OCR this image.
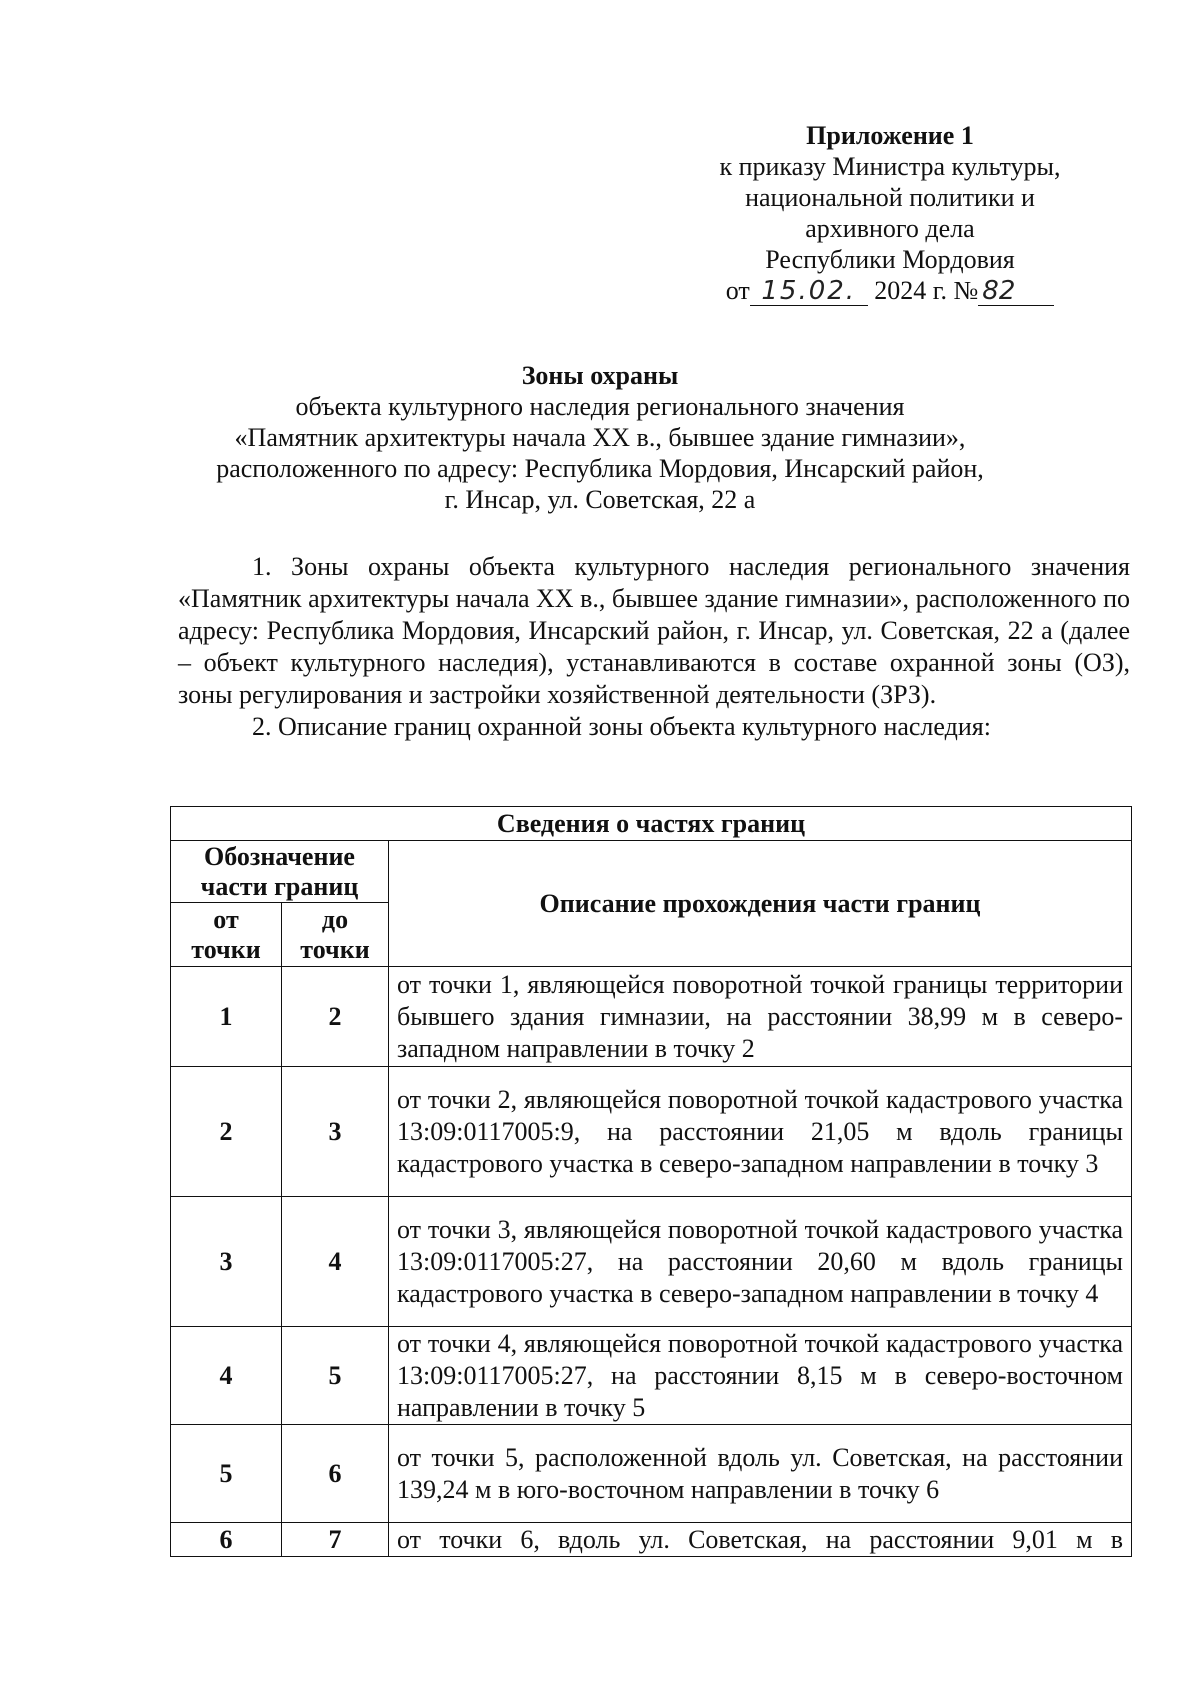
Приложение 1
к приказу Министра культуры,
национальной политики и
архивного дела
Республики Мордовия
от 15.02. 2024 г. № 82
Зоны охраны
объекта культурного наследия регионального значения
«Памятник архитектуры начала XX в., бывшее здание гимназии»,
расположенного по адресу: Республика Мордовия, Инсарский район,
г. Инсар, ул. Советская, 22 а

1. Зоны охраны объекта культурного наследия регионального значения «Памятник архитектуры начала XX в., бывшее здание гимназии», расположенного по адресу: Республика Мордовия, Инсарский район, г. Инсар, ул. Советская, 22 а (далее – объект культурного наследия), устанавливаются в составе охранной зоны (ОЗ), зоны регулирования и застройки хозяйственной деятельности (ЗРЗ).

2. Описание границ охранной зоны объекта культурного наследия:

Сведения о частях границ		
Обозначение части границ		Описание прохождения части границ
от точки	до точки	
1	2	от точки 1, являющейся поворотной точкой границы территории бывшего здания гимназии, на расстоянии 38,99 м в северо-западном направлении в точку 2
2	3	от точки 2, являющейся поворотной точкой кадастрового участка 13:09:0117005:9, на расстоянии 21,05 м вдоль границы кадастрового участка в северо-западном направлении в точку 3
3	4	от точки 3, являющейся поворотной точкой кадастрового участка 13:09:0117005:27, на расстоянии 20,60 м вдоль границы кадастрового участка в северо-западном направлении в точку 4
4	5	от точки 4, являющейся поворотной точкой кадастрового участка 13:09:0117005:27, на расстоянии 8,15 м в северо-восточном направлении в точку 5
5	6	от точки 5, расположенной вдоль ул. Советская, на расстоянии 139,24 м в юго-восточном направлении в точку 6
6	7	от точки 6, вдоль ул. Советская, на расстоянии 9,01 м в
